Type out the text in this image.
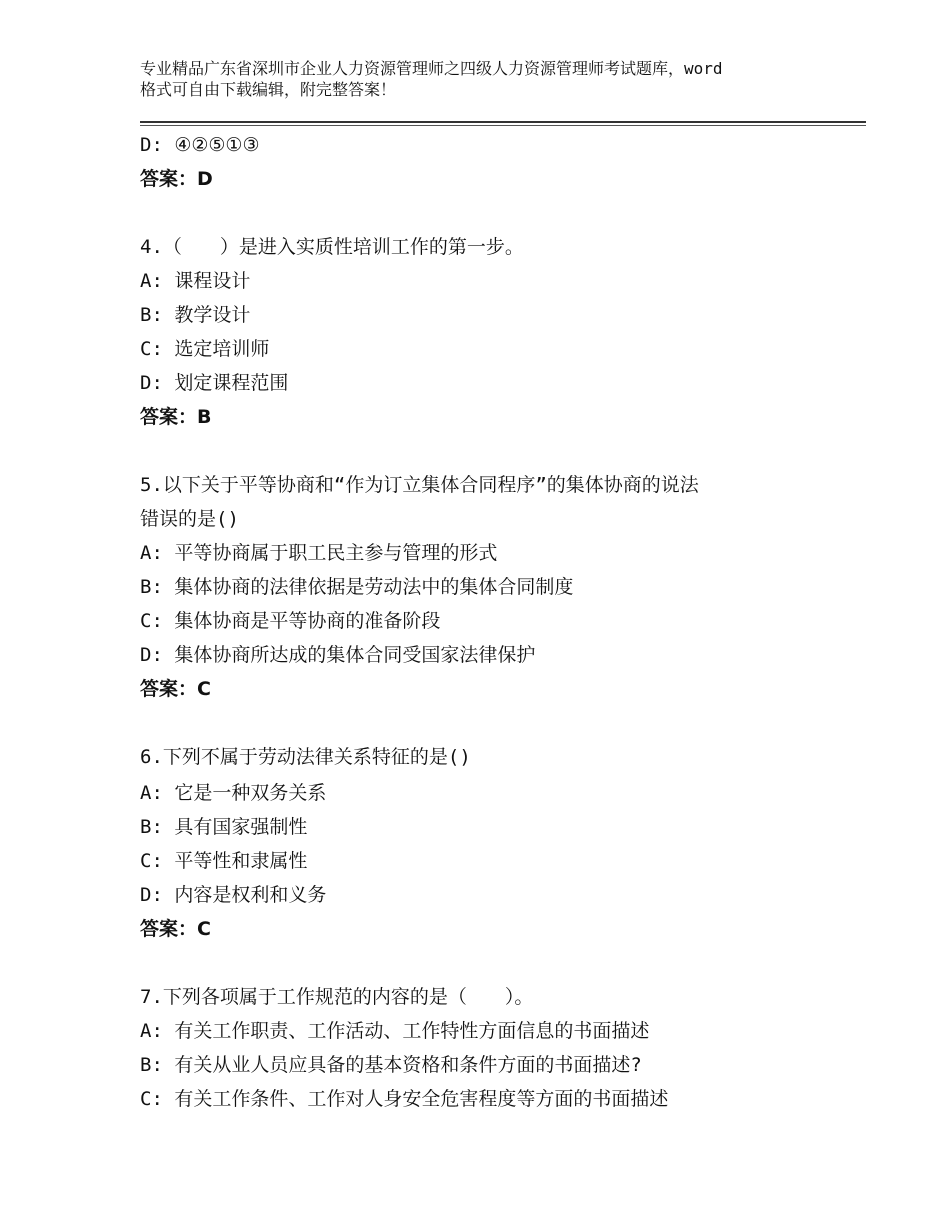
专业精品广东省深圳市企业人力资源管理师之四级人力资源管理师考试题库，word
格式可自由下载编辑，附完整答案！
D: ④②⑤①③
答案：D
4.（　　）是进入实质性培训工作的第一步。
A: 课程设计
B: 教学设计
C: 选定培训师
D: 划定课程范围
答案：B
5.以下关于平等协商和“作为订立集体合同程序”的集体协商的说法
错误的是()
A: 平等协商属于职工民主参与管理的形式
B: 集体协商的法律依据是劳动法中的集体合同制度
C: 集体协商是平等协商的准备阶段
D: 集体协商所达成的集体合同受国家法律保护
答案：C
6.下列不属于劳动法律关系特征的是()
A: 它是一种双务关系
B: 具有国家强制性
C: 平等性和隶属性
D: 内容是权利和义务
答案：C
7.下列各项属于工作规范的内容的是（　　）。
A: 有关工作职责、工作活动、工作特性方面信息的书面描述
B: 有关从业人员应具备的基本资格和条件方面的书面描述?
C: 有关工作条件、工作对人身安全危害程度等方面的书面描述
